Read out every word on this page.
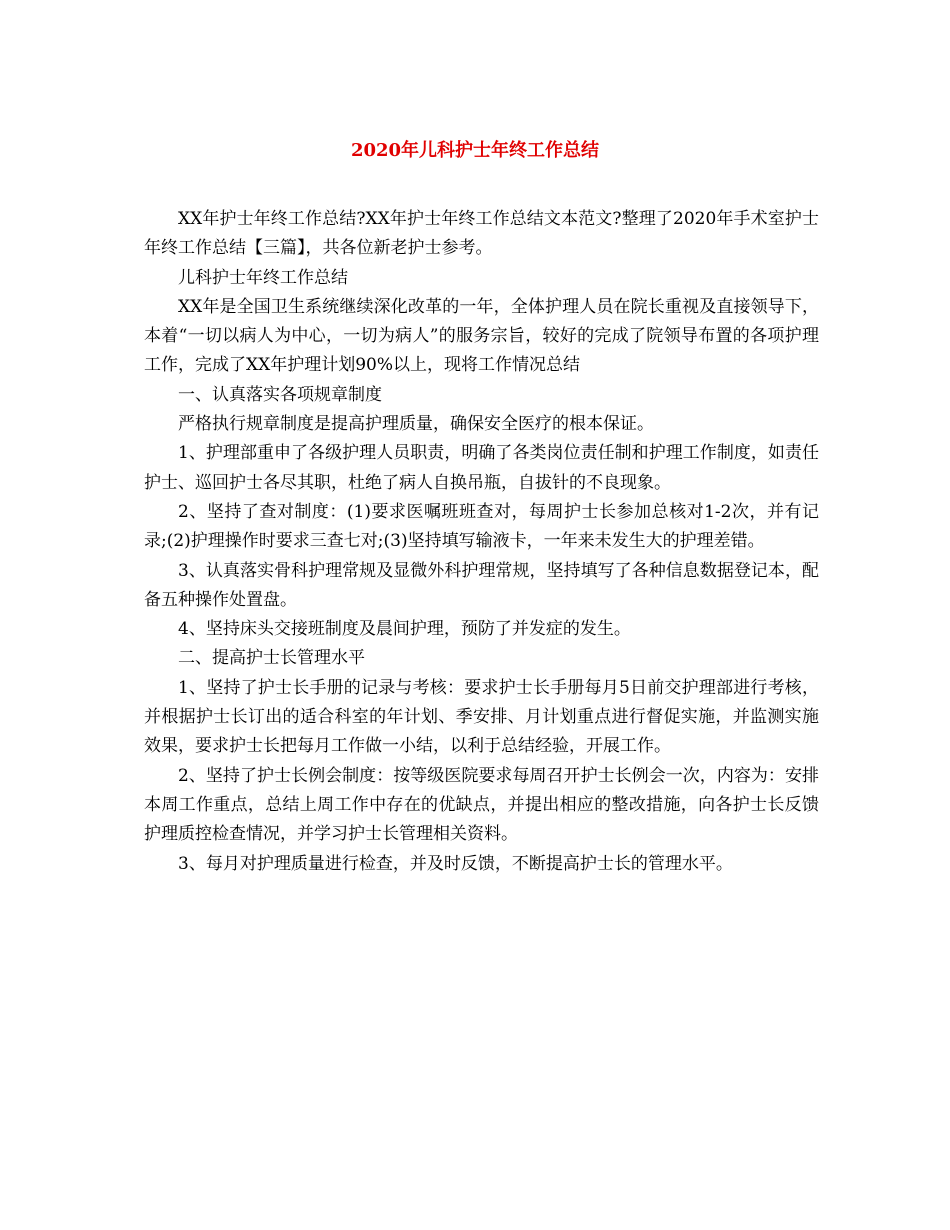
2020年儿科护士年终工作总结

XX年护士年终工作总结?XX年护士年终工作总结文本范文?整理了2020年手术室护士年终工作总结【三篇】，共各位新老护士参考。

儿科护士年终工作总结

XX年是全国卫生系统继续深化改革的一年，全体护理人员在院长重视及直接领导下，本着“一切以病人为中心，一切为病人”的服务宗旨，较好的完成了院领导布置的各项护理工作，完成了XX年护理计划90%以上，现将工作情况总结

一、认真落实各项规章制度

严格执行规章制度是提高护理质量，确保安全医疗的根本保证。

1、护理部重申了各级护理人员职责，明确了各类岗位责任制和护理工作制度，如责任护士、巡回护士各尽其职，杜绝了病人自换吊瓶，自拔针的不良现象。

2、坚持了查对制度：(1)要求医嘱班班查对，每周护士长参加总核对1-2次，并有记录;(2)护理操作时要求三查七对;(3)坚持填写输液卡，一年来未发生大的护理差错。

3、认真落实骨科护理常规及显微外科护理常规，坚持填写了各种信息数据登记本，配备五种操作处置盘。

4、坚持床头交接班制度及晨间护理，预防了并发症的发生。

二、提高护士长管理水平

1、坚持了护士长手册的记录与考核：要求护士长手册每月5日前交护理部进行考核，并根据护士长订出的适合科室的年计划、季安排、月计划重点进行督促实施，并监测实施效果，要求护士长把每月工作做一小结，以利于总结经验，开展工作。

2、坚持了护士长例会制度：按等级医院要求每周召开护士长例会一次，内容为：安排本周工作重点，总结上周工作中存在的优缺点，并提出相应的整改措施，向各护士长反馈护理质控检查情况，并学习护士长管理相关资料。

3、每月对护理质量进行检查，并及时反馈，不断提高护士长的管理水平。
